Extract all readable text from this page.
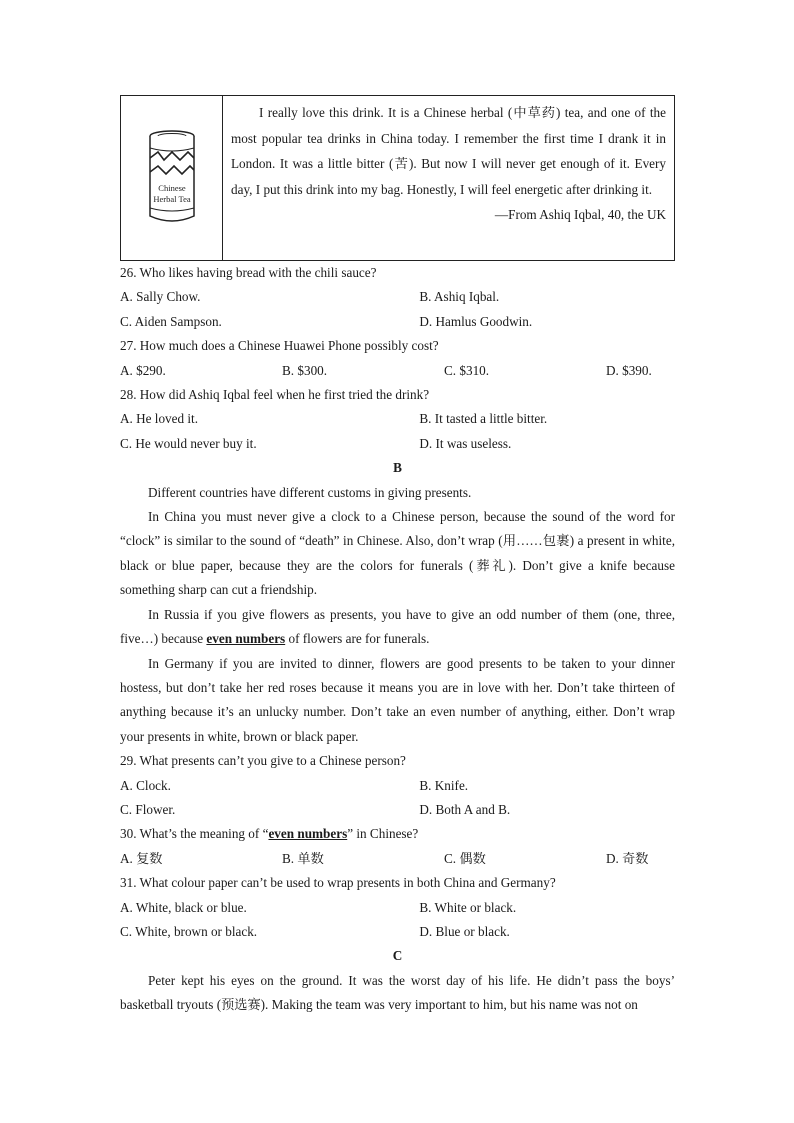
Chinese
Herbal Tea
I really love this drink. It is a Chinese herbal (中草药) tea, and one of the most popular tea drinks in China today. I remember the first time I drank it in London. It was a little bitter (苦). But now I will never get enough of it. Every day, I put this drink into my bag. Honestly, I will feel energetic after drinking it.
—From Ashiq Iqbal, 40, the UK

26. Who likes having bread with the chili sauce?

A. Sally Chow.	B. Ashiq Iqbal.
C. Aiden Sampson.	D. Hamlus Goodwin.

27. How much does a Chinese Huawei Phone possibly cost?

A. $290.	B. $300.	C. $310.	D. $390.

28. How did Ashiq Iqbal feel when he first tried the drink?

A. He loved it.	B. It tasted a little bitter.
C. He would never buy it.	D. It was useless.
B

Different countries have different customs in giving presents.

In China you must never give a clock to a Chinese person, because the sound of the word for “clock” is similar to the sound of “death” in Chinese. Also, don’t wrap (用……包裹) a present in white, black or blue paper, because they are the colors for funerals (葬礼). Don’t give a knife because something sharp can cut a friendship.

In Russia if you give flowers as presents, you have to give an odd number of them (one, three, five…) because even numbers of flowers are for funerals.

In Germany if you are invited to dinner, flowers are good presents to be taken to your dinner hostess, but don’t take her red roses because it means you are in love with her. Don’t take thirteen of anything because it’s an unlucky number. Don’t take an even number of anything, either. Don’t wrap your presents in white, brown or black paper.

29. What presents can’t you give to a Chinese person?

A. Clock.	B. Knife.
C. Flower.	D. Both A and B.

30. What’s the meaning of “even numbers” in Chinese?

A. 复数	B. 单数	C. 偶数	D. 奇数

31. What colour paper can’t be used to wrap presents in both China and Germany?

A. White, black or blue.	B. White or black.
C. White, brown or black.	D. Blue or black.
C

Peter kept his eyes on the ground. It was the worst day of his life. He didn’t pass the boys’ basketball tryouts (预选赛). Making the team was very important to him, but his name was not on
